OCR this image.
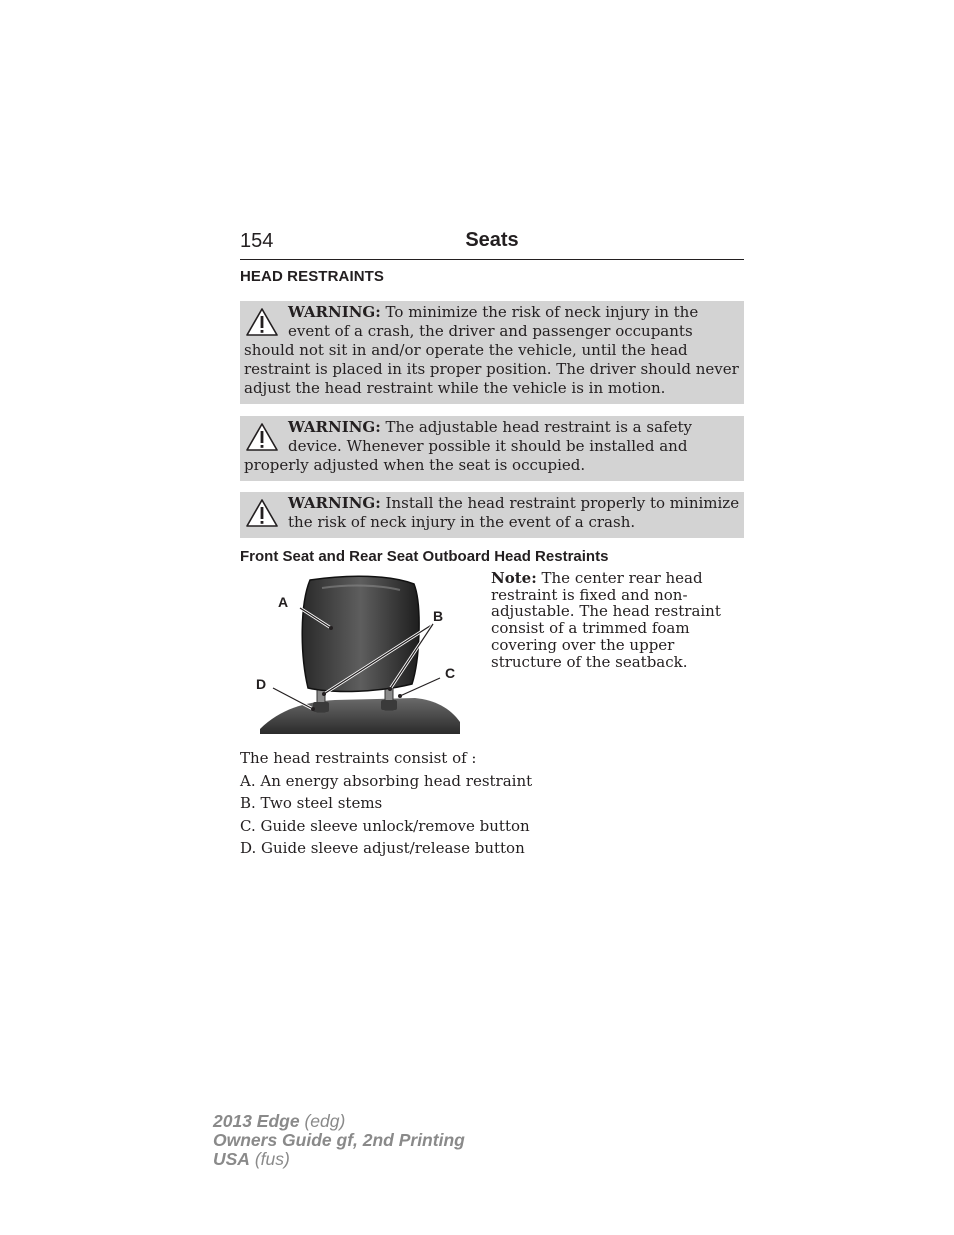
154	Seats
HEAD RESTRAINTS
WARNING: To minimize the risk of neck injury in the event of a crash, the driver and passenger occupants should not sit in and/or operate the vehicle, until the head restraint is placed in its proper position. The driver should never adjust the head restraint while the vehicle is in motion.
WARNING: The adjustable head restraint is a safety device. Whenever possible it should be installed and properly adjusted when the seat is occupied.
WARNING: Install the head restraint properly to minimize the risk of neck injury in the event of a crash.
Front Seat and Rear Seat Outboard Head Restraints
A
B
C
D
Note: The center rear head restraint is fixed and non-adjustable. The head restraint consist of a trimmed foam covering over the upper structure of the seatback.
The head restraints consist of :
A. An energy absorbing head restraint
B. Two steel stems
C. Guide sleeve unlock/remove button
D. Guide sleeve adjust/release button
2013 Edge (edg)
Owners Guide gf, 2nd Printing
USA (fus)
